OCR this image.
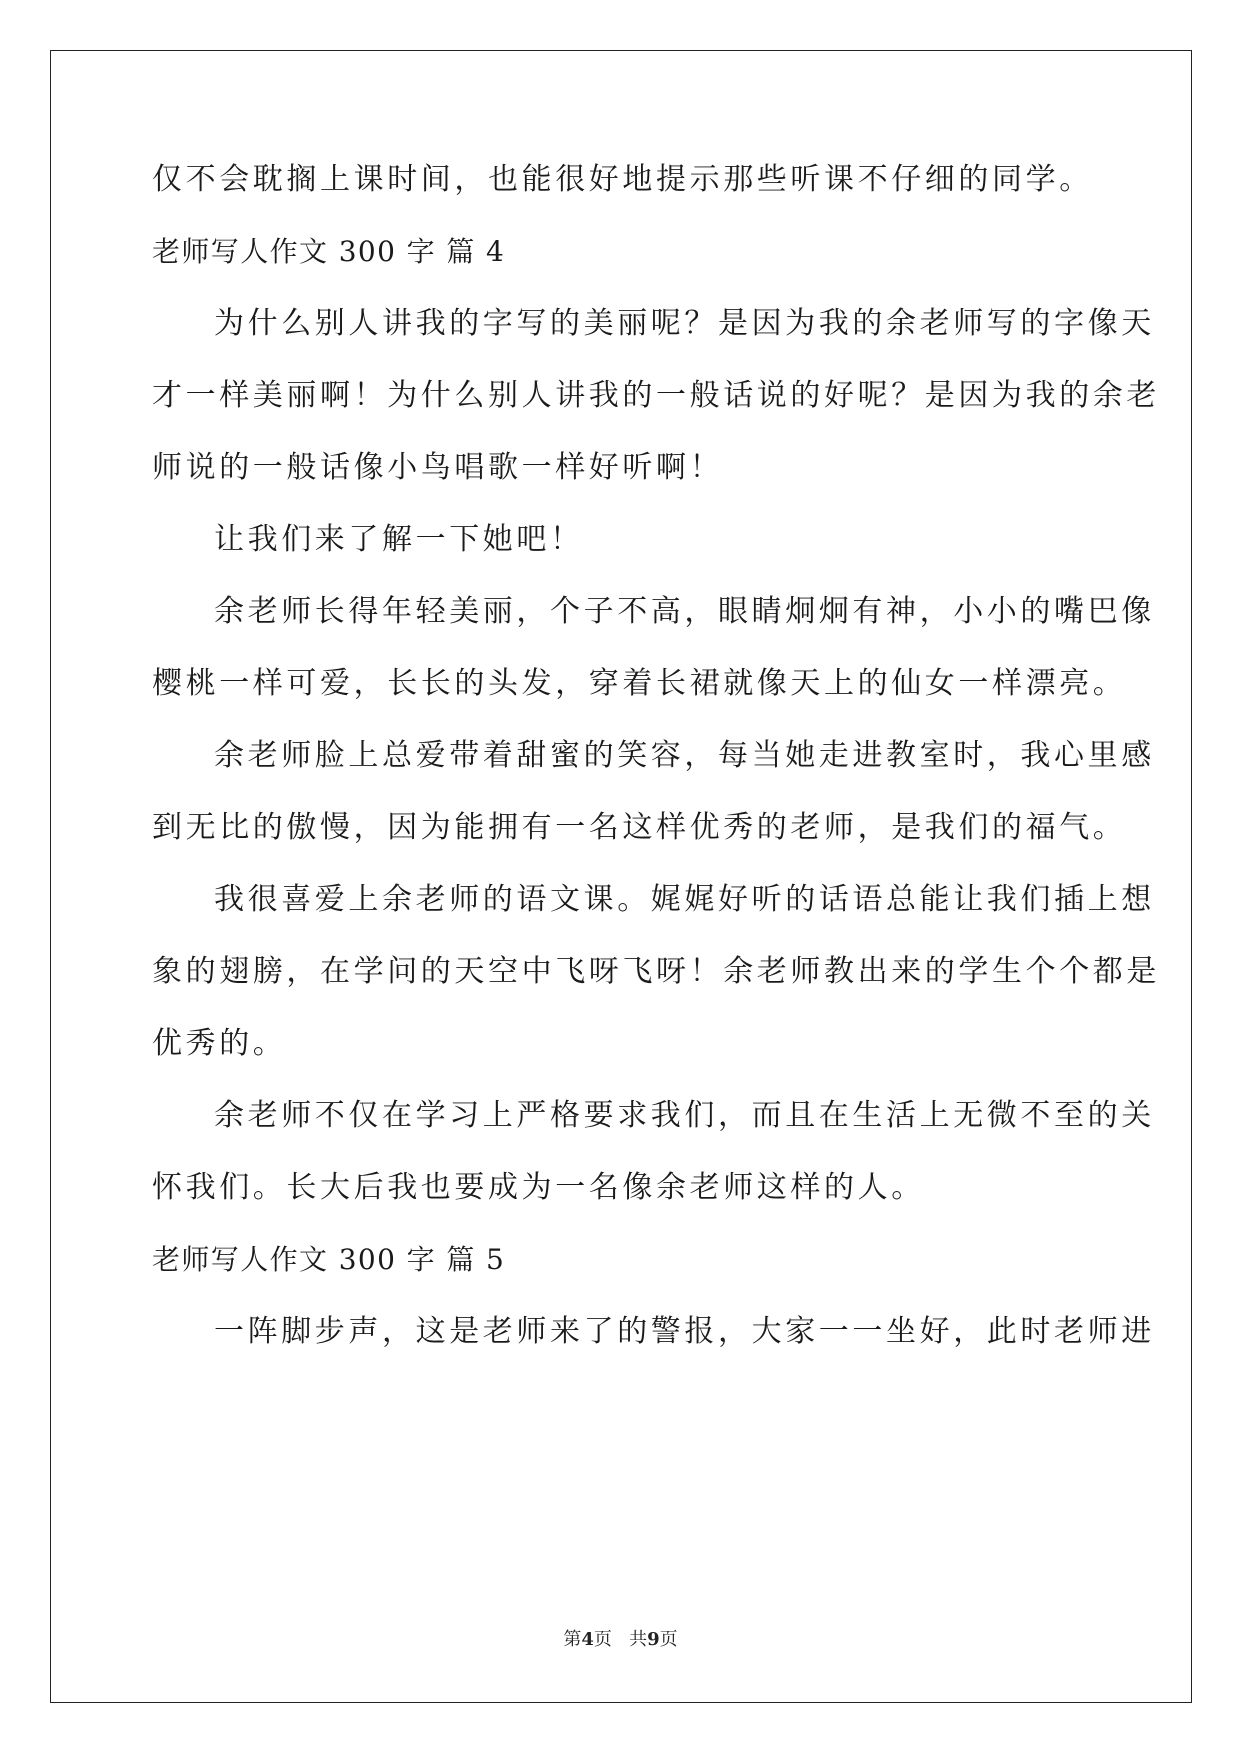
仅不会耽搁上课时间，也能很好地提示那些听课不仔细的同学。
老师写人作文 300 字 篇 4
为什么别人讲我的字写的美丽呢？是因为我的余老师写的字像天
才一样美丽啊！为什么别人讲我的一般话说的好呢？是因为我的余老
师说的一般话像小鸟唱歌一样好听啊！
让我们来了解一下她吧！
余老师长得年轻美丽，个子不高，眼睛炯炯有神，小小的嘴巴像
樱桃一样可爱，长长的头发，穿着长裙就像天上的仙女一样漂亮。
余老师脸上总爱带着甜蜜的笑容，每当她走进教室时，我心里感
到无比的傲慢，因为能拥有一名这样优秀的老师，是我们的福气。
我很喜爱上余老师的语文课。娓娓好听的话语总能让我们插上想
象的翅膀，在学问的天空中飞呀飞呀！余老师教出来的学生个个都是
优秀的。
余老师不仅在学习上严格要求我们，而且在生活上无微不至的关
怀我们。长大后我也要成为一名像余老师这样的人。
老师写人作文 300 字 篇 5
一阵脚步声，这是老师来了的警报，大家一一坐好，此时老师进
第4页 共9页
